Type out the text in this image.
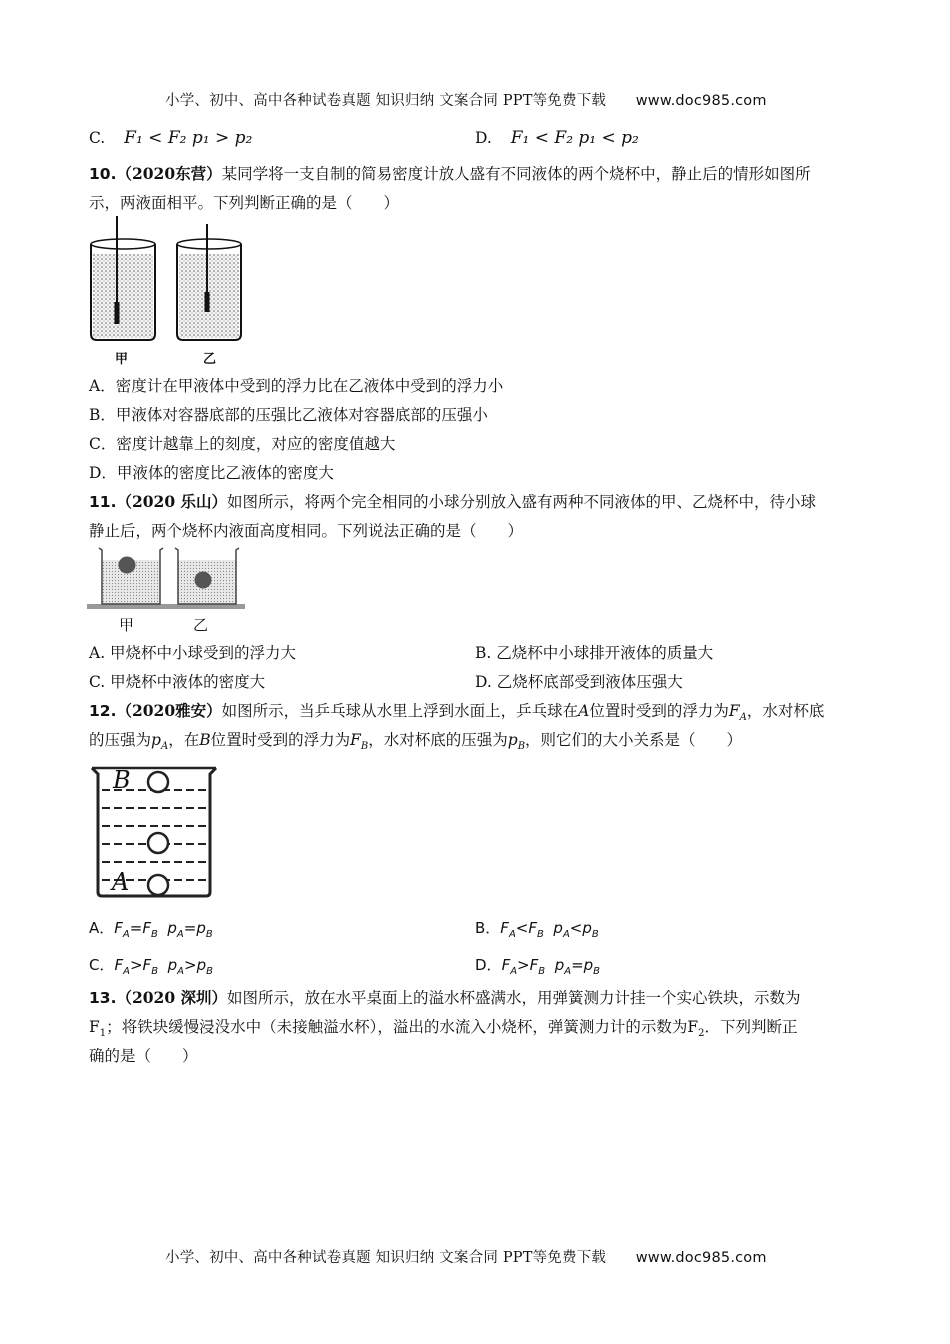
小学、初中、高中各种试卷真题 知识归纳 文案合同 PPT等免费下载 www.doc985.com
C. F₁ < F₂ p₁ > p₂	D. F₁ < F₂ p₁ < p₂
10.（2020东营）某同学将一支自制的简易密度计放人盛有不同液体的两个烧杯中，静止后的情形如图所
示，两液面相平。下列判断正确的是（　　）
甲	乙
A．密度计在甲液体中受到的浮力比在乙液体中受到的浮力小
B．甲液体对容器底部的压强比乙液体对容器底部的压强小
C．密度计越靠上的刻度，对应的密度值越大
D．甲液体的密度比乙液体的密度大
11.（2020 乐山）如图所示，将两个完全相同的小球分别放入盛有两种不同液体的甲、乙烧杯中，待小球
静止后，两个烧杯内液面高度相同。下列说法正确的是（　　）
甲	乙
A. 甲烧杯中小球受到的浮力大	B. 乙烧杯中小球排开液体的质量大
C. 甲烧杯中液体的密度大	D. 乙烧杯底部受到液体压强大
12.（2020雅安）如图所示，当乒乓球从水里上浮到水面上，乒乓球在A位置时受到的浮力为$F_A$，水对杯底
的压强为$p_A$，在B位置时受到的浮力为$F_B$，水对杯底的压强为$p_B$，则它们的大小关系是（　　）
B
A
A．$F_A=F_B$ $p_A=p_B$	B．$F_A<F_B$ $p_A<p_B$
C．$F_A>F_B$ $p_A>p_B$	D．$F_A>F_B$ $p_A=p_B$
13.（2020 深圳）如图所示，放在水平桌面上的溢水杯盛满水，用弹簧测力计挂一个实心铁块，示数为
$F_1$；将铁块缓慢浸没水中（未接触溢水杯），溢出的水流入小烧杯，弹簧测力计的示数为$F_2$．下列判断正
确的是（　　）
小学、初中、高中各种试卷真题 知识归纳 文案合同 PPT等免费下载 www.doc985.com
